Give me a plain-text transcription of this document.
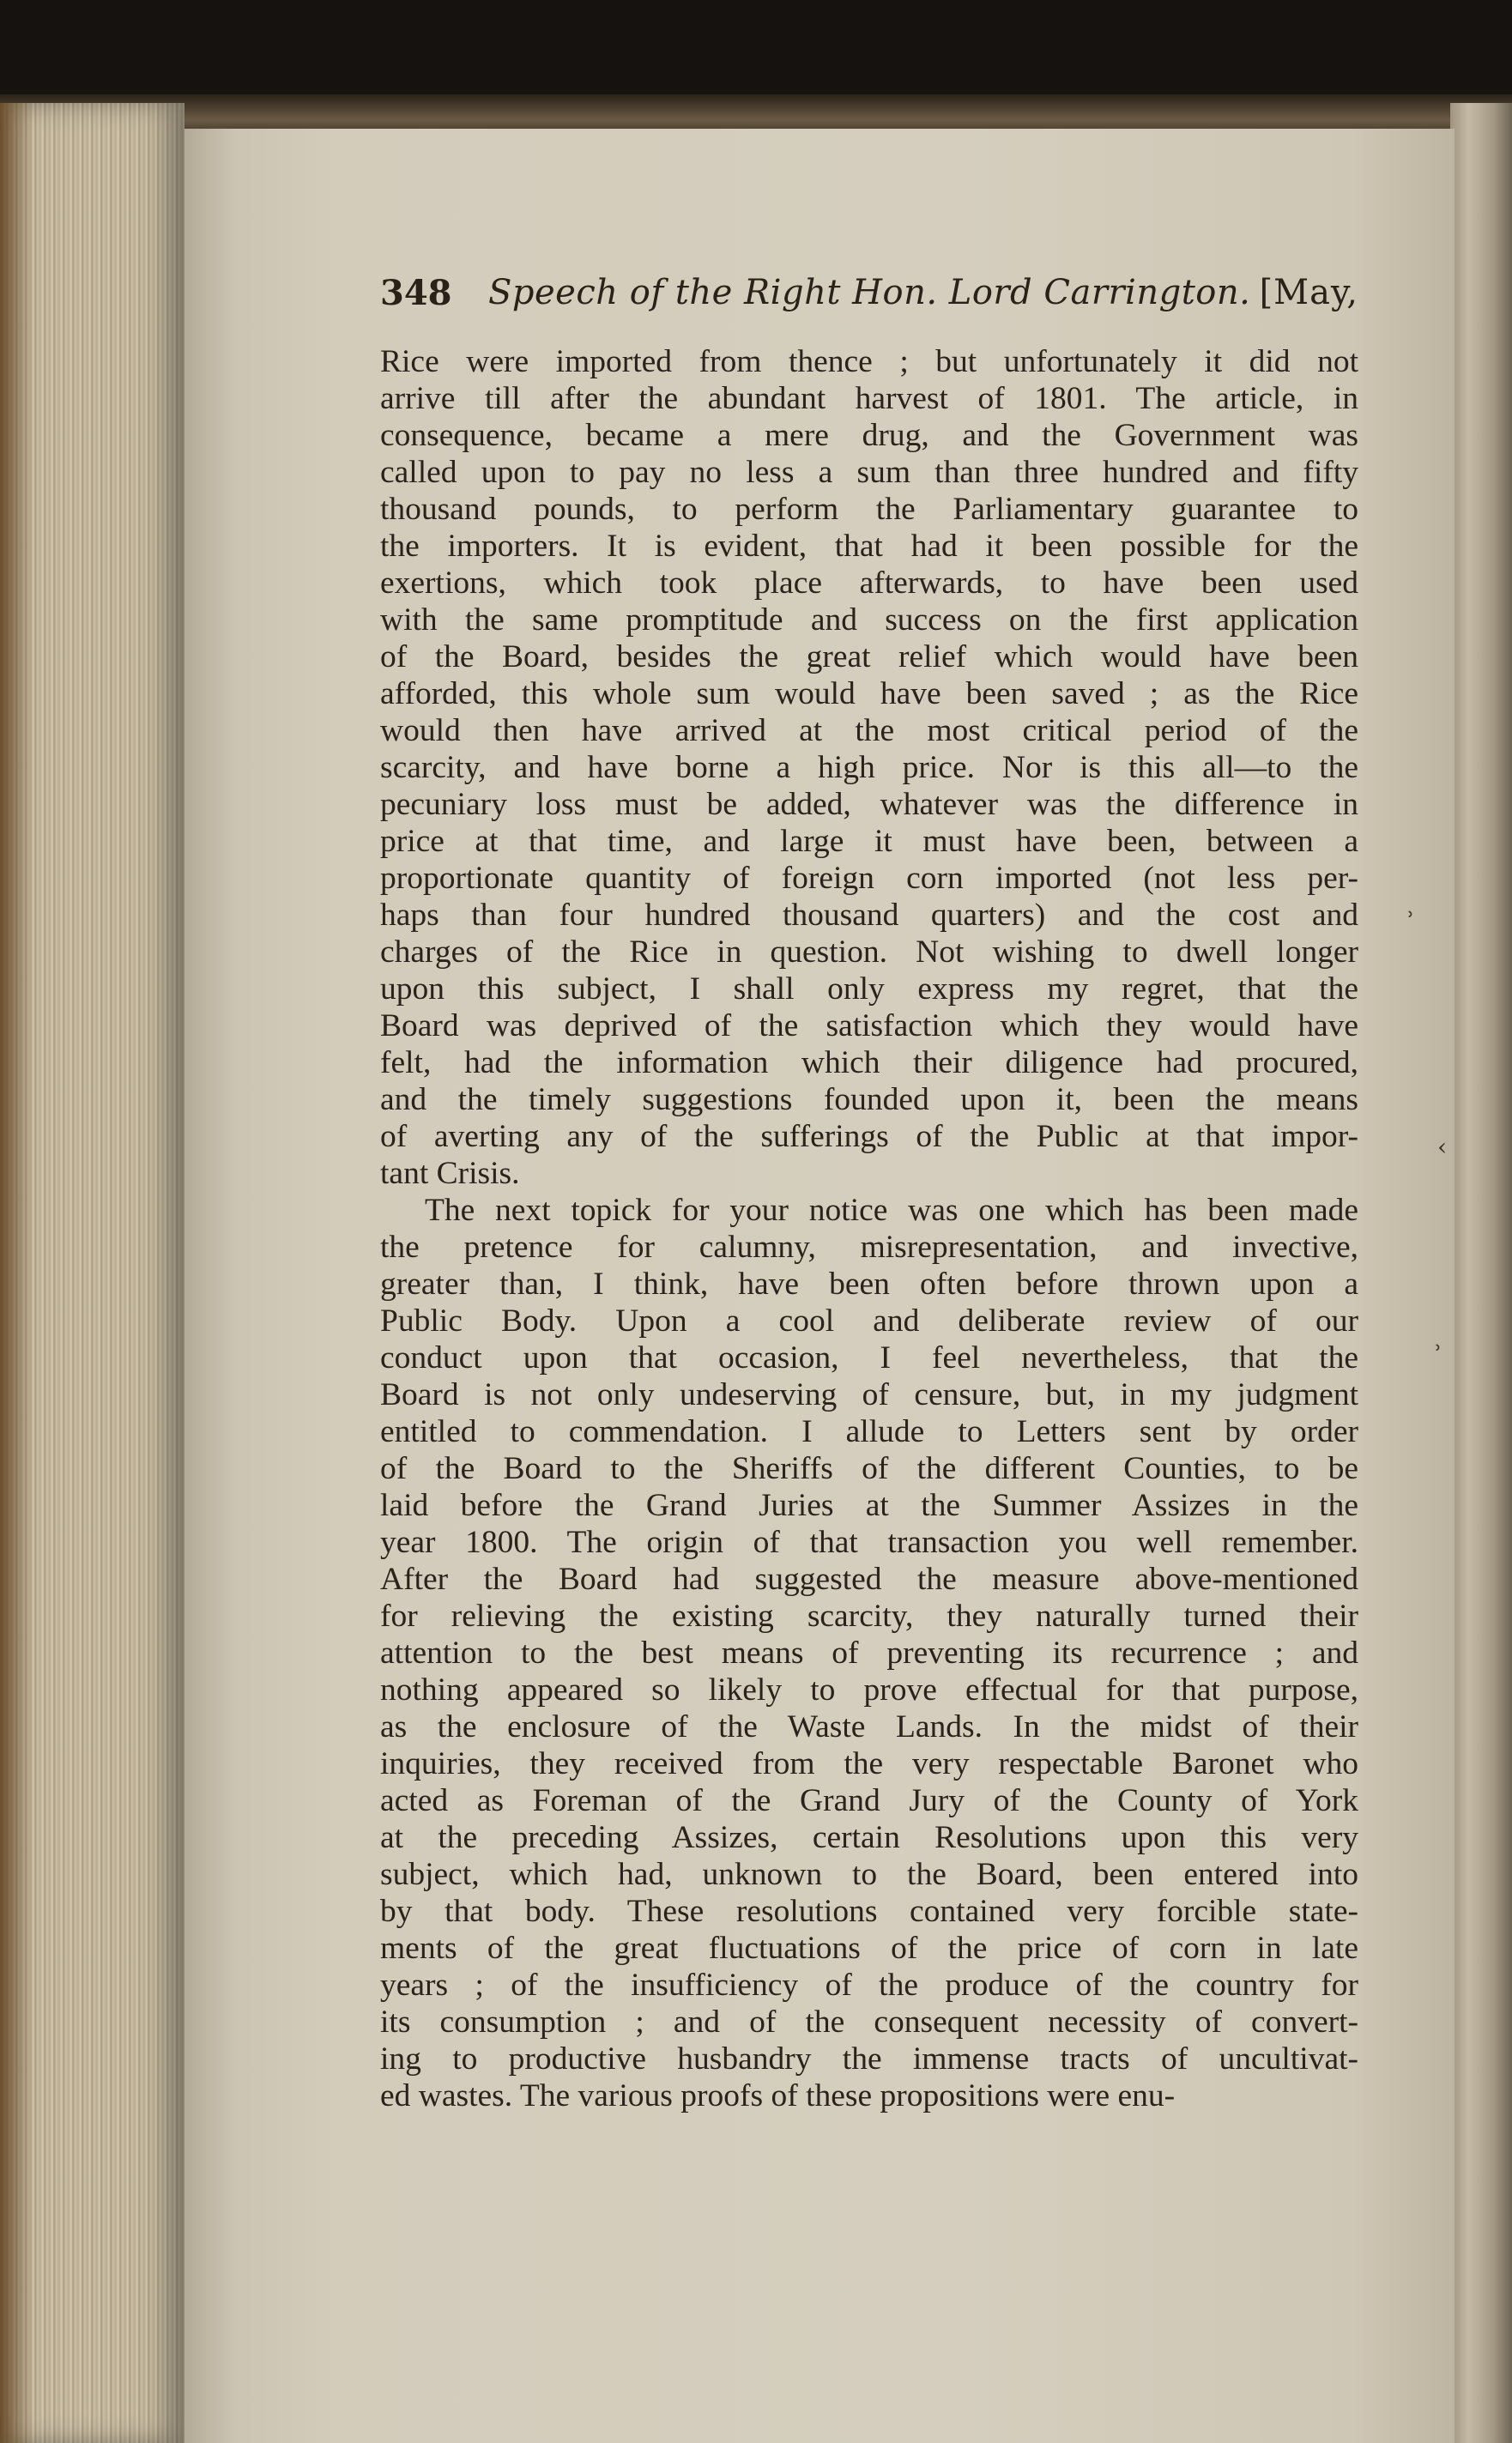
˒
‹
˒
348 Speech of the Right Hon. Lord Carrington. [May,
Rice were imported from thence ; but unfortunately it did not
arrive till after the abundant harvest of 1801. The article, in
consequence, became a mere drug, and the Government was
called upon to pay no less a sum than three hundred and fifty
thousand pounds, to perform the Parliamentary guarantee to
the importers. It is evident, that had it been possible for the
exertions, which took place afterwards, to have been used
with the same promptitude and success on the first application
of the Board, besides the great relief which would have been
afforded, this whole sum would have been saved ; as the Rice
would then have arrived at the most critical period of the
scarcity, and have borne a high price. Nor is this all—to the
pecuniary loss must be added, whatever was the difference in
price at that time, and large it must have been, between a
proportionate quantity of foreign corn imported (not less per-
haps than four hundred thousand quarters) and the cost and
charges of the Rice in question. Not wishing to dwell longer
upon this subject, I shall only express my regret, that the
Board was deprived of the satisfaction which they would have
felt, had the information which their diligence had procured,
and the timely suggestions founded upon it, been the means
of averting any of the sufferings of the Public at that impor-
tant Crisis.
The next topick for your notice was one which has been made
the pretence for calumny, misrepresentation, and invective,
greater than, I think, have been often before thrown upon a
Public Body. Upon a cool and deliberate review of our
conduct upon that occasion, I feel nevertheless, that the
Board is not only undeserving of censure, but, in my judgment
entitled to commendation. I allude to Letters sent by order
of the Board to the Sheriffs of the different Counties, to be
laid before the Grand Juries at the Summer Assizes in the
year 1800. The origin of that transaction you well remember.
After the Board had suggested the measure above-mentioned
for relieving the existing scarcity, they naturally turned their
attention to the best means of preventing its recurrence ; and
nothing appeared so likely to prove effectual for that purpose,
as the enclosure of the Waste Lands. In the midst of their
inquiries, they received from the very respectable Baronet who
acted as Foreman of the Grand Jury of the County of York
at the preceding Assizes, certain Resolutions upon this very
subject, which had, unknown to the Board, been entered into
by that body. These resolutions contained very forcible state-
ments of the great fluctuations of the price of corn in late
years ; of the insufficiency of the produce of the country for
its consumption ; and of the consequent necessity of convert-
ing to productive husbandry the immense tracts of uncultivat-
ed wastes. The various proofs of these propositions were enu-
